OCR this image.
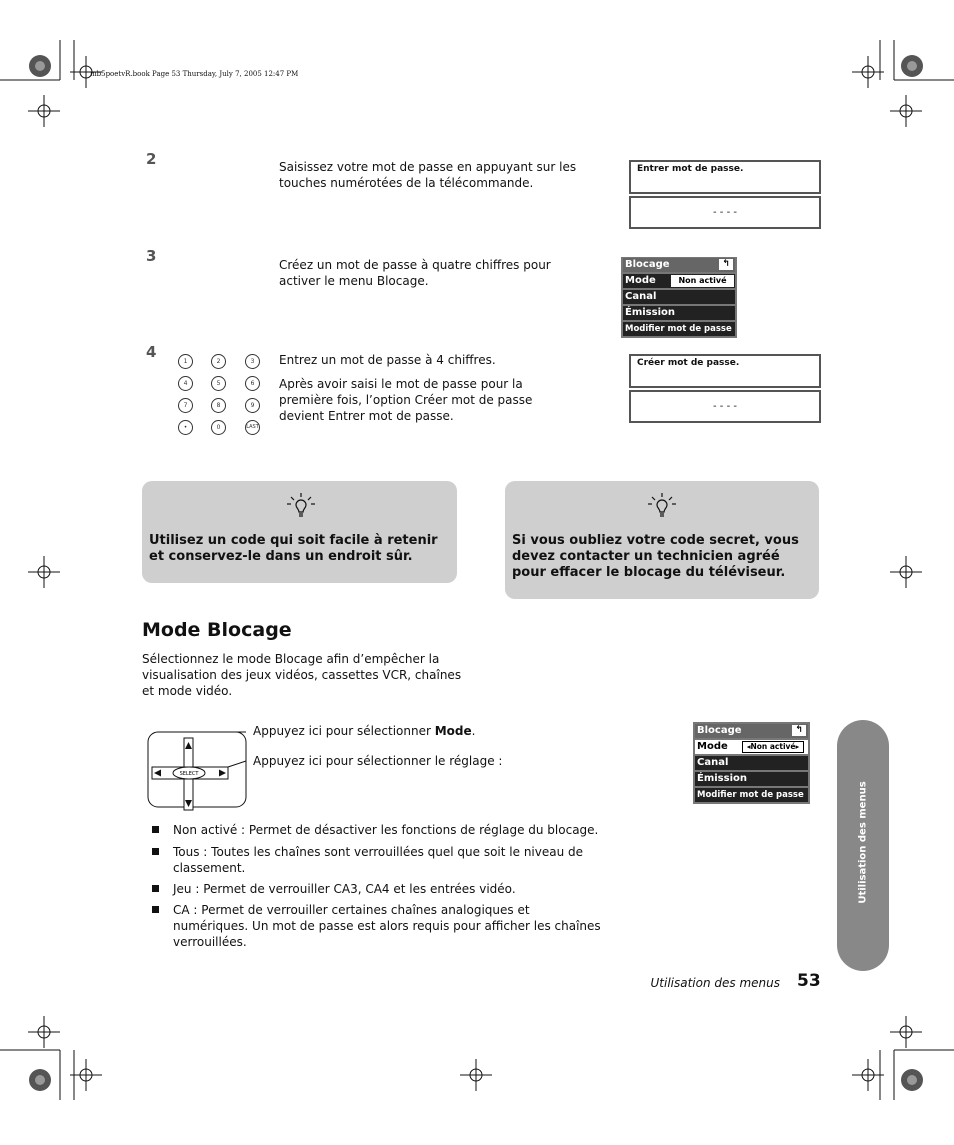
mb5poetvR.book Page 53 Thursday, July 7, 2005 12:47 PM
2	Saisissez votre mot de passe en appuyant sur les touches numérotées de la télécommande.
Entrer mot de passe.
- - - -
3	Créez un mot de passe à quatre chiffres pour activer le menu Blocage.
Blocage	↰
Mode	Non activé
Canal
Émission
Modifier mot de passe
4
1	2	3
4	5	6
7	8	9
•	0	LAST
Entrez un mot de passe à 4 chiffres.
Après avoir saisi le mot de passe pour la première fois, l’option Créer mot de passe devient Entrer mot de passe.
Créer mot de passe.
- - - -
Utilisez un code qui soit facile à retenir et conservez-le dans un endroit sûr.
Si vous oubliez votre code secret, vous devez contacter un technicien agréé pour effacer le blocage du téléviseur.
Mode Blocage
Sélectionnez le mode Blocage afin d’empêcher la visualisation des jeux vidéos, cassettes VCR, chaînes et mode vidéo.
SELECT
Appuyez ici pour sélectionner Mode.
Appuyez ici pour sélectionner le réglage :
Blocage	↰
Mode	◂Non activé▸
Canal
Émission
Modifier mot de passe
Non activé : Permet de désactiver les fonctions de réglage du blocage.
Tous : Toutes les chaînes sont verrouillées quel que soit le niveau de classement.
Jeu : Permet de verrouiller CA3, CA4 et les entrées vidéo.
CA : Permet de verrouiller certaines chaînes analogiques et numériques. Un mot de passe est alors requis pour afficher les chaînes verrouillées.
Utilisation des menus
Utilisation des menus 53
